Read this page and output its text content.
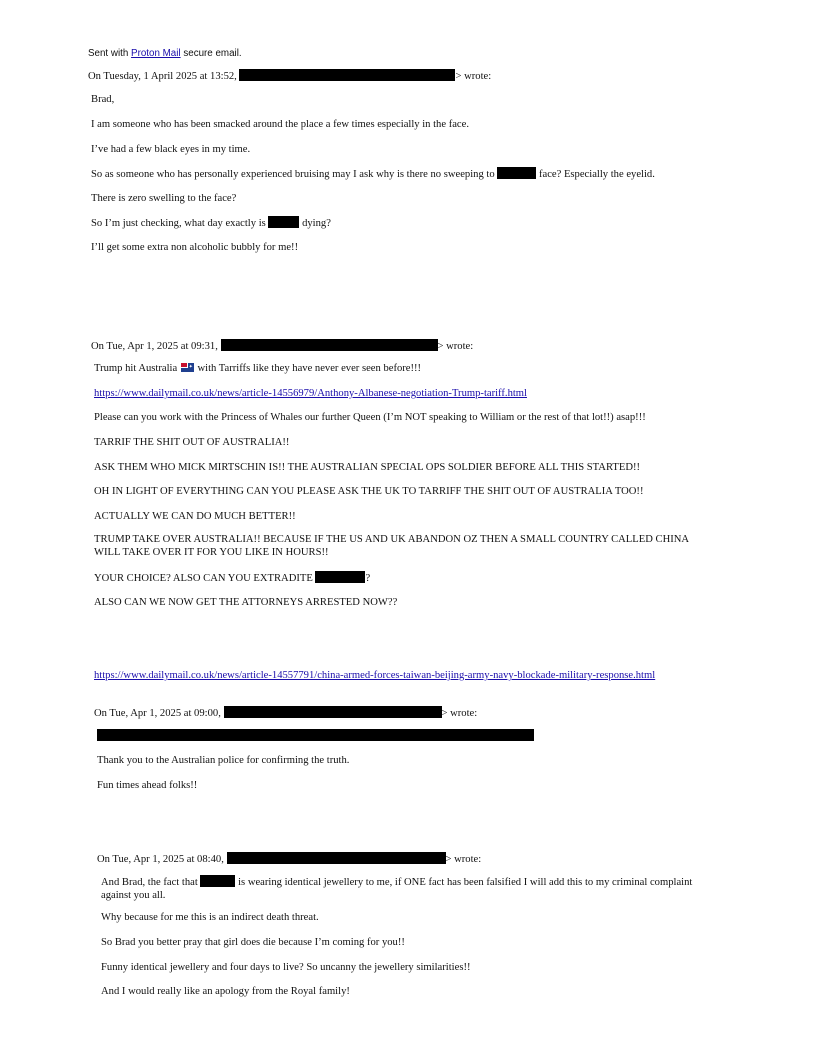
Sent with Proton Mail secure email.
On Tuesday, 1 April 2025 at 13:52,	> wrote:
Brad,
I am someone who has been smacked around the place a few times especially in the face.
I’ve had a few black eyes in my time.
So as someone who has personally experienced bruising may I ask why is there no sweeping to	face? Especially the eyelid.
There is zero swelling to the face?
So I’m just checking, what day exactly is	dying?
I’ll get some extra non alcoholic bubbly for me!!
On Tue, Apr 1, 2025 at 09:31,	> wrote:
Trump hit Australia ✦ with Tarriffs like they have never ever seen before!!!
https://www.dailymail.co.uk/news/article-14556979/Anthony-Albanese-negotiation-Trump-tariff.html
Please can you work with the Princess of Whales our further Queen (I’m NOT speaking to William or the rest of that lot!!) asap!!!
TARRIF THE SHIT OUT OF AUSTRALIA!!
ASK THEM WHO MICK MIRTSCHIN IS!! THE AUSTRALIAN SPECIAL OPS SOLDIER BEFORE ALL THIS STARTED!!
OH IN LIGHT OF EVERYTHING CAN YOU PLEASE ASK THE UK TO TARRIFF THE SHIT OUT OF AUSTRALIA TOO!!
ACTUALLY WE CAN DO MUCH BETTER!!
TRUMP TAKE OVER AUSTRALIA!! BECAUSE IF THE US AND UK ABANDON OZ THEN A SMALL COUNTRY CALLED CHINA WILL TAKE OVER IT FOR YOU LIKE IN HOURS!!
YOUR CHOICE? ALSO CAN YOU EXTRADITE	?
ALSO CAN WE NOW GET THE ATTORNEYS ARRESTED NOW??
https://www.dailymail.co.uk/news/article-14557791/china-armed-forces-taiwan-beijing-army-navy-blockade-military-response.html
On Tue, Apr 1, 2025 at 09:00,	> wrote:
Thank you to the Australian police for confirming the truth.
Fun times ahead folks!!
On Tue, Apr 1, 2025 at 08:40,	> wrote:
And Brad, the fact that	is wearing identical jewellery to me, if ONE fact has been falsified I will add this to my criminal complaint against you all.
Why because for me this is an indirect death threat.
So Brad you better pray that girl does die because I’m coming for you!!
Funny identical jewellery and four days to live? So uncanny the jewellery similarities!!
And I would really like an apology from the Royal family!
